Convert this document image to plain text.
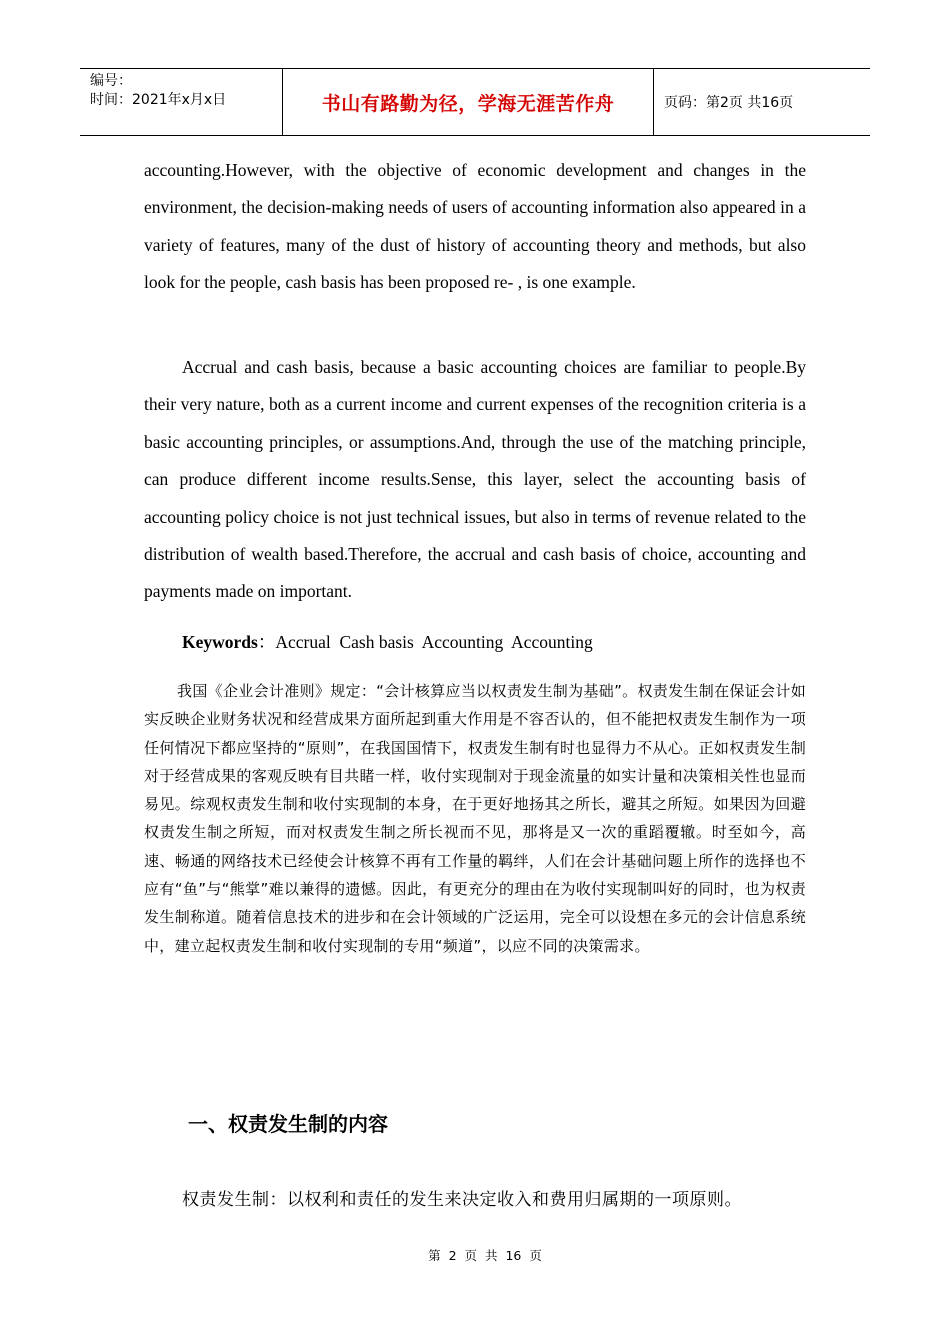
编号：
时间：2021年x月x日	书山有路勤为径，学海无涯苦作舟	页码：第2页 共16页

accounting.However, with the objective of economic development and changes in the environment, the decision-making needs of users of accounting information also appeared in a variety of features, many of the dust of history of accounting theory and methods, but also look for the people, cash basis has been proposed re- , is one example.

Accrual and cash basis, because a basic accounting choices are familiar to people.By their very nature, both as a current income and current expenses of the recognition criteria is a basic accounting principles, or assumptions.And, through the use of the matching principle, can produce different income results.Sense, this layer, select the accounting basis of accounting policy choice is not just technical issues, but also in terms of revenue related to the distribution of wealth based.Therefore, the accrual and cash basis of choice, accounting and payments made on important.

Keywords：Accrual  Cash basis  Accounting  Accounting

我国《企业会计准则》规定：“会计核算应当以权责发生制为基础”。权责发生制在保证会计如实反映企业财务状况和经营成果方面所起到重大作用是不容否认的，但不能把权责发生制作为一项任何情况下都应坚持的“原则”，在我国国情下，权责发生制有时也显得力不从心。正如权责发生制对于经营成果的客观反映有目共睹一样，收付实现制对于现金流量的如实计量和决策相关性也显而易见。综观权责发生制和收付实现制的本身，在于更好地扬其之所长，避其之所短。如果因为回避权责发生制之所短，而对权责发生制之所长视而不见，那将是又一次的重蹈覆辙。时至如今，高速、畅通的网络技术已经使会计核算不再有工作量的羁绊，人们在会计基础问题上所作的选择也不应有“鱼”与“熊掌”难以兼得的遗憾。因此，有更充分的理由在为收付实现制叫好的同时，也为权责发生制称道。随着信息技术的进步和在会计领域的广泛运用，完全可以设想在多元的会计信息系统中，建立起权责发生制和收付实现制的专用“频道”，以应不同的决策需求。

一、权责发生制的内容
权责发生制：以权利和责任的发生来决定收入和费用归属期的一项原则。
第 2 页 共 16 页
